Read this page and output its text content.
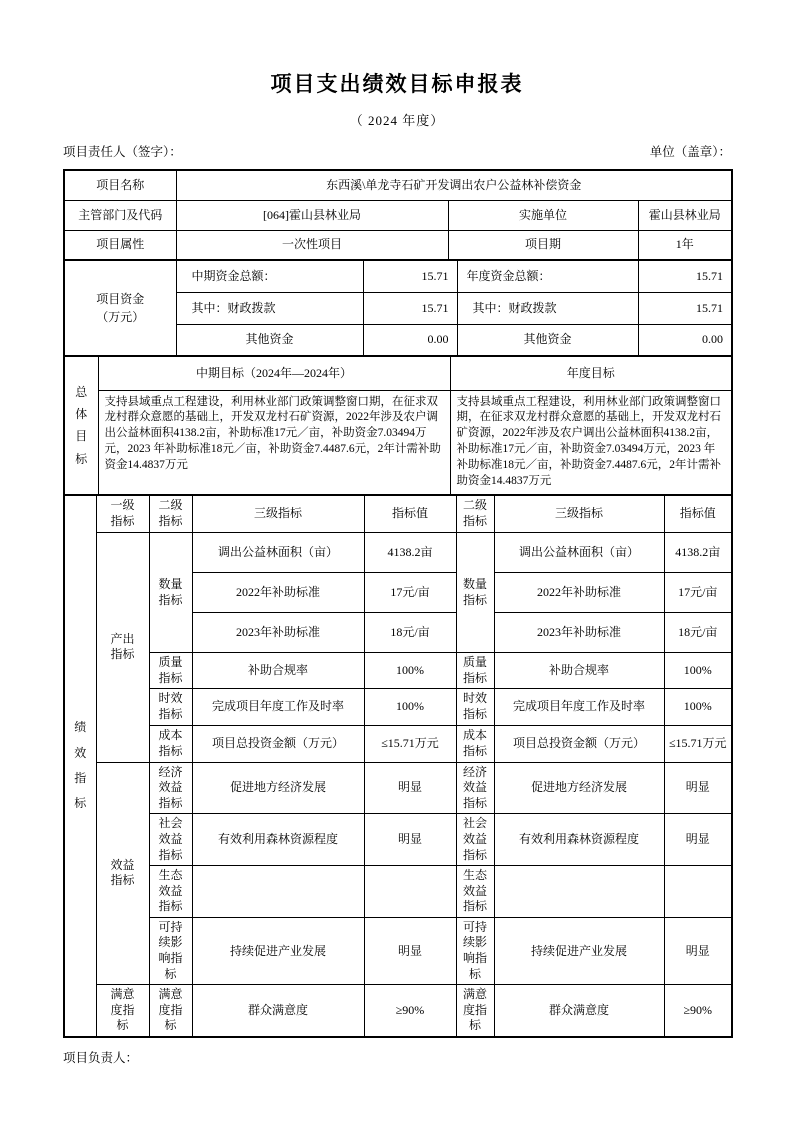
项目支出绩效目标申报表
（ 2024 年度）
项目责任人（签字）：	单位（盖章）：
项目名称	东西溪\单龙寺石矿开发调出农户公益林补偿资金		
主管部门及代码	[064]霍山县林业局	实施单位	霍山县林业局
项目属性	一次性项目	项目期	1年
项目资金（万元）	中期资金总额：	15.71	年度资金总额：	15.71
	其中：财政拨款	15.71	其中：财政拨款	15.71
	其他资金	0.00	其他资金	0.00
总体目标	中期目标（2024年—2024年）	年度目标
	支持县域重点工程建设，利用林业部门政策调整窗口期，在征求双龙村群众意愿的基础上，开发双龙村石矿资源，2022年涉及农户调出公益林面积4138.2亩，补助标准17元／亩，补助资金7.03494万元，2023 年补助标准18元／亩，补助资金7.4487.6元，2年计需补助资金14.4837万元	支持县域重点工程建设，利用林业部门政策调整窗口期，在征求双龙村群众意愿的基础上，开发双龙村石矿资源，2022年涉及农户调出公益林面积4138.2亩，补助标准17元／亩，补助资金7.03494万元，2023 年补助标准18元／亩，补助资金7.4487.6元，2年计需补助资金14.4837万元
绩效指标	一级指标	二级指标	三级指标	指标值	二级指标	三级指标	指标值
	产出指标	数量指标	调出公益林面积（亩）	4138.2亩	数量指标	调出公益林面积（亩）	4138.2亩
			2022年补助标准	17元/亩		2022年补助标准	17元/亩
			2023年补助标准	18元/亩		2023年补助标准	18元/亩
		质量指标	补助合规率	100%	质量指标	补助合规率	100%
		时效指标	完成项目年度工作及时率	100%	时效指标	完成项目年度工作及时率	100%
		成本指标	项目总投资金额（万元）	≤15.71万元	成本指标	项目总投资金额（万元）	≤15.71万元
	效益指标	经济效益指标	促进地方经济发展	明显	经济效益指标	促进地方经济发展	明显
		社会效益指标	有效利用森林资源程度	明显	社会效益指标	有效利用森林资源程度	明显
		生态效益指标			生态效益指标		
		可持续影响指标	持续促进产业发展	明显	可持续影响指标	持续促进产业发展	明显
	满意度指标	满意度指标	群众满意度	≥90%	满意度指标	群众满意度	≥90%
项目负责人：
